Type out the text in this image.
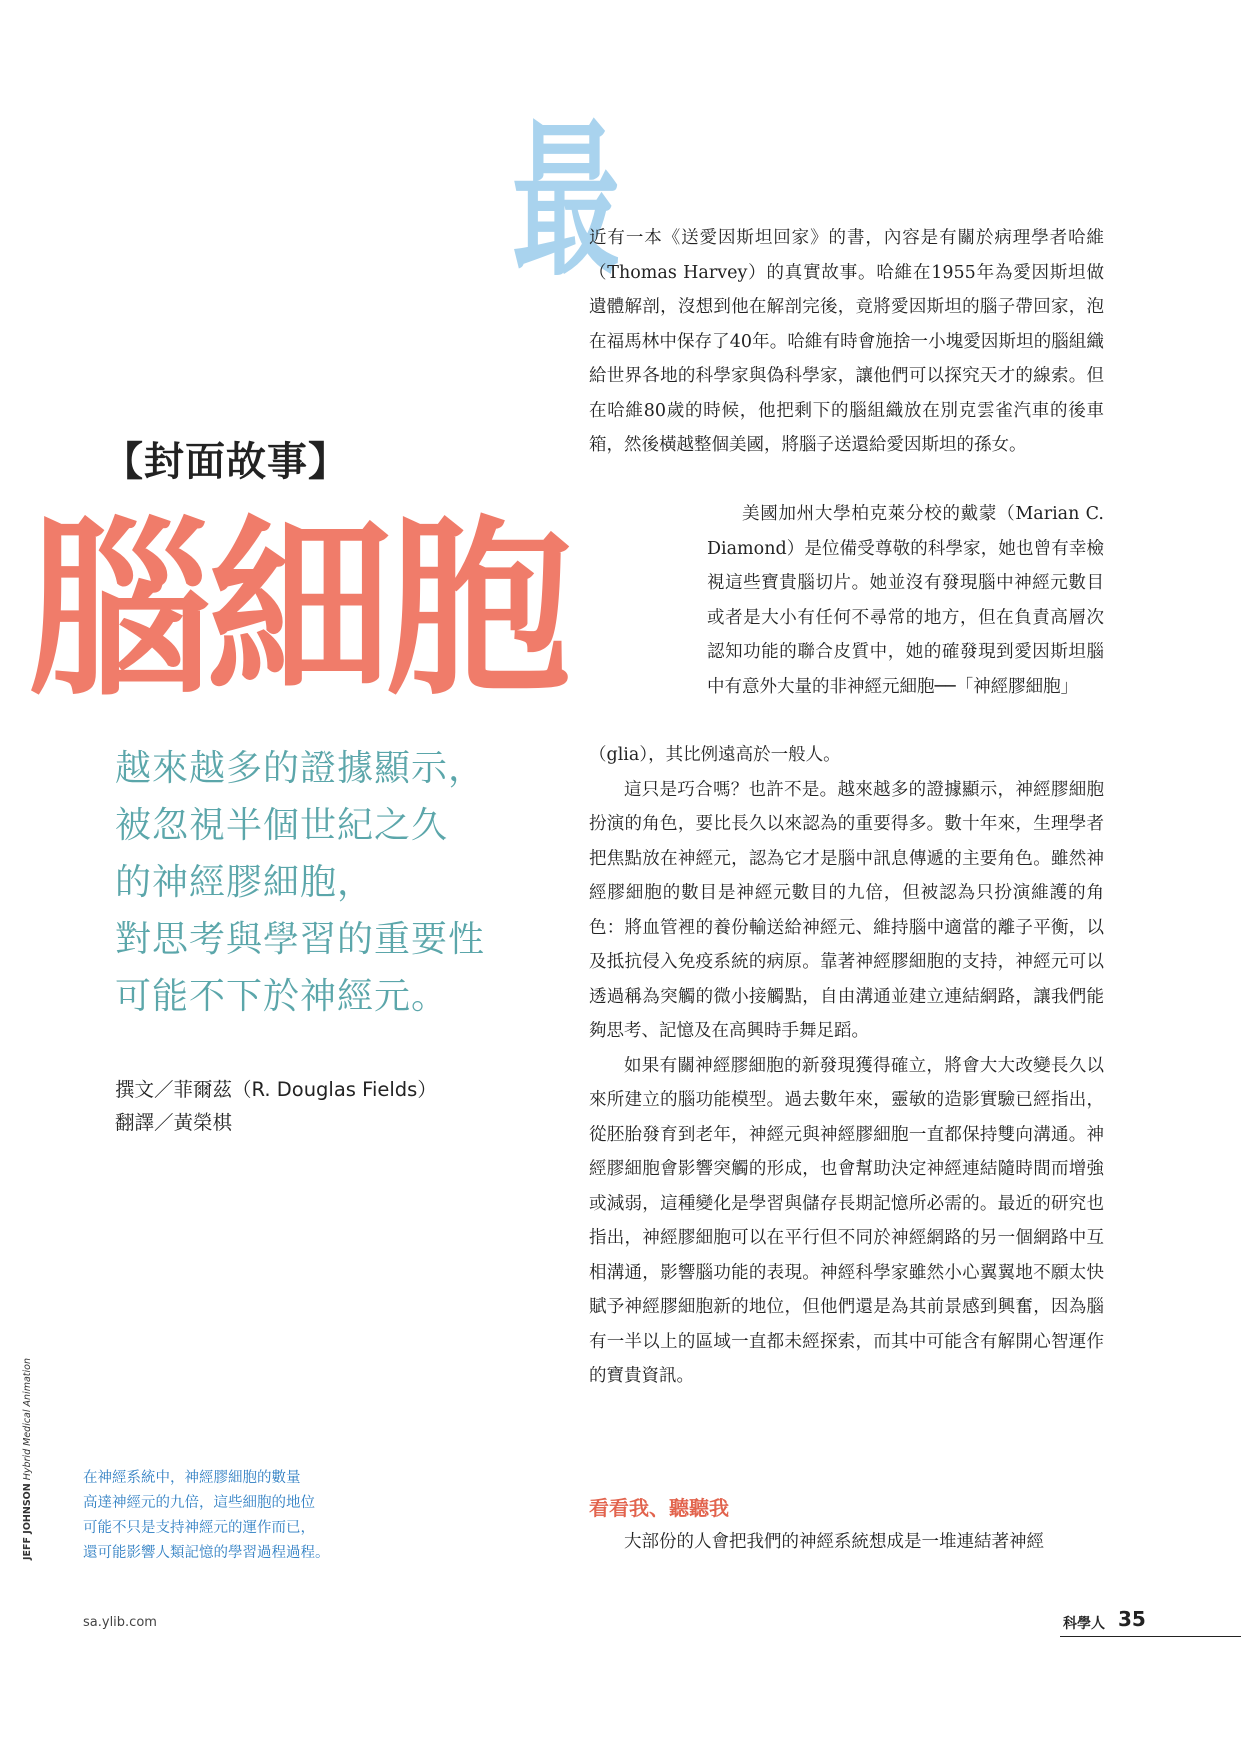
最
【封面故事】
腦細胞
越來越多的證據顯示，
被忽視半個世紀之久
的神經膠細胞，
對思考與學習的重要性
可能不下於神經元。
撰文／菲爾茲（R. Douglas Fields）
翻譯／黃榮棋
JEFF JOHNSON Hybrid Medical Animation	在神經系統中，神經膠細胞的數量
高達神經元的九倍，這些細胞的地位
可能不只是支持神經元的運作而已，
還可能影響人類記憶的學習過程過程。

近有一本《送愛因斯坦回家》的書，內容是有關於病理學者哈維（Thomas Harvey）的真實故事。哈維在1955年為愛因斯坦做遺體解剖，沒想到他在解剖完後，竟將愛因斯坦的腦子帶回家，泡在福馬林中保存了40年。哈維有時會施捨一小塊愛因斯坦的腦組織給世界各地的科學家與偽科學家，讓他們可以探究天才的線索。但在哈維80歲的時候，他把剩下的腦組織放在別克雲雀汽車的後車箱，然後橫越整個美國，將腦子送還給愛因斯坦的孫女。

美國加州大學柏克萊分校的戴蒙（Marian C. Diamond）是位備受尊敬的科學家，她也曾有幸檢視這些寶貴腦切片。她並沒有發現腦中神經元數目或者是大小有任何不尋常的地方，但在負責高層次認知功能的聯合皮質中，她的確發現到愛因斯坦腦中有意外大量的非神經元細胞──「神經膠細胞」

（glia），其比例遠高於一般人。

這只是巧合嗎？也許不是。越來越多的證據顯示，神經膠細胞扮演的角色，要比長久以來認為的重要得多。數十年來，生理學者把焦點放在神經元，認為它才是腦中訊息傳遞的主要角色。雖然神經膠細胞的數目是神經元數目的九倍，但被認為只扮演維護的角色：將血管裡的養份輸送給神經元、維持腦中適當的離子平衡，以及抵抗侵入免疫系統的病原。靠著神經膠細胞的支持，神經元可以透過稱為突觸的微小接觸點，自由溝通並建立連結網路，讓我們能夠思考、記憶及在高興時手舞足蹈。

如果有關神經膠細胞的新發現獲得確立，將會大大改變長久以來所建立的腦功能模型。過去數年來，靈敏的造影實驗已經指出，從胚胎發育到老年，神經元與神經膠細胞一直都保持雙向溝通。神經膠細胞會影響突觸的形成，也會幫助決定神經連結隨時間而增強或減弱，這種變化是學習與儲存長期記憶所必需的。最近的研究也指出，神經膠細胞可以在平行但不同於神經網路的另一個網路中互相溝通，影響腦功能的表現。神經科學家雖然小心翼翼地不願太快賦予神經膠細胞新的地位，但他們還是為其前景感到興奮，因為腦有一半以上的區域一直都未經探索，而其中可能含有解開心智運作的寶貴資訊。

看看我、聽聽我

大部份的人會把我們的神經系統想成是一堆連結著神經

sa.ylib.com	科學人 35
